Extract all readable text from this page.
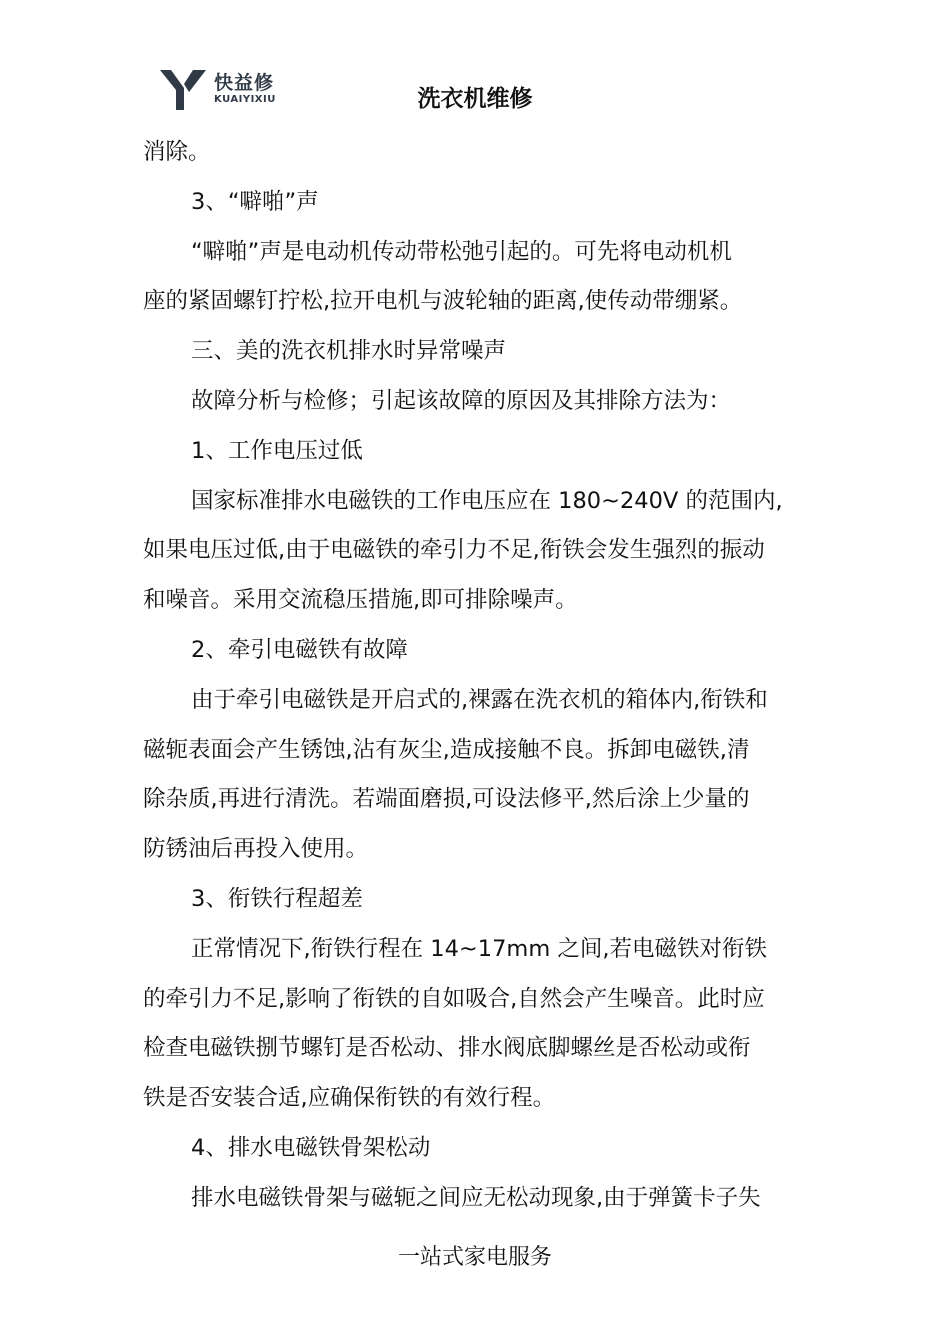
快益修
KUAIYIXIU	洗衣机维修

消除。

3、“噼啪”声

“噼啪”声是电动机传动带松弛引起的。可先将电动机机

座的紧固螺钉拧松,拉开电机与波轮轴的距离,使传动带绷紧。

三、美的洗衣机排水时异常噪声

故障分析与检修；引起该故障的原因及其排除方法为：

1、工作电压过低

国家标准排水电磁铁的工作电压应在 180~240V 的范围内,

如果电压过低,由于电磁铁的牵引力不足,衔铁会发生强烈的振动

和噪音。采用交流稳压措施,即可排除噪声。

2、牵引电磁铁有故障

由于牵引电磁铁是开启式的,裸露在洗衣机的箱体内,衔铁和

磁轭表面会产生锈蚀,沾有灰尘,造成接触不良。拆卸电磁铁,清

除杂质,再进行清洗。若端面磨损,可设法修平,然后涂上少量的

防锈油后再投入使用。

3、衔铁行程超差

正常情况下,衔铁行程在 14~17mm 之间,若电磁铁对衔铁

的牵引力不足,影响了衔铁的自如吸合,自然会产生噪音。此时应

检查电磁铁捌节螺钉是否松动、排水阀底脚螺丝是否松动或衔

铁是否安装合适,应确保衔铁的有效行程。

4、排水电磁铁骨架松动

排水电磁铁骨架与磁轭之间应无松动现象,由于弹簧卡子失

一站式家电服务
